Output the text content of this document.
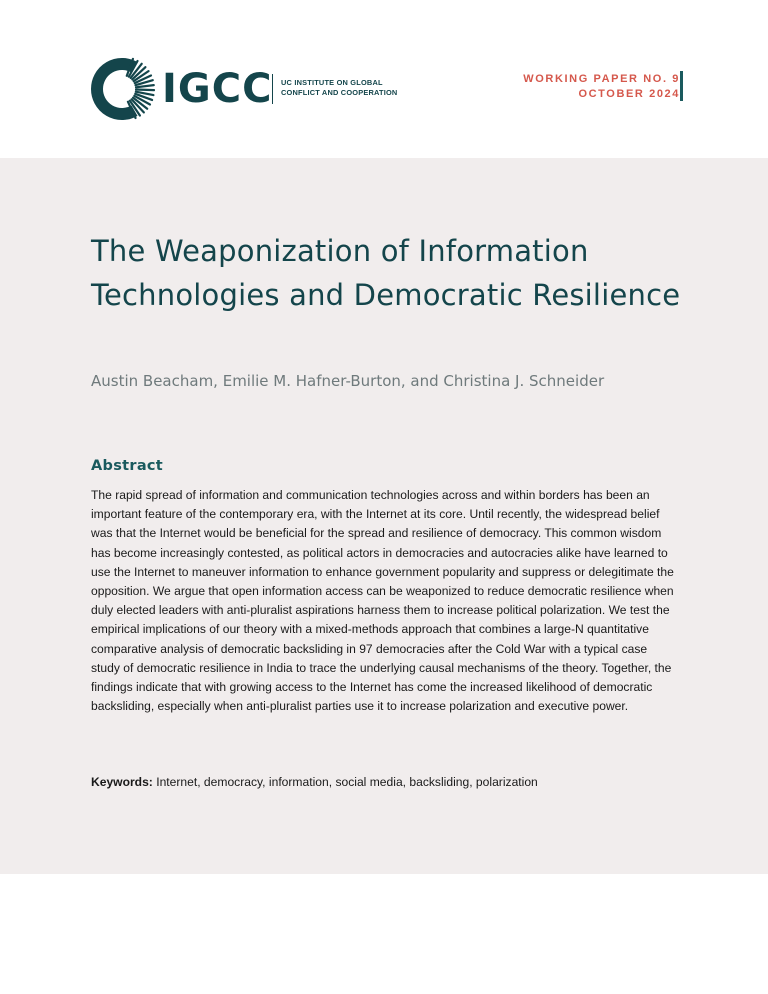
IGCC UC INSTITUTE ON GLOBAL
CONFLICT AND COOPERATION
WORKING PAPER NO. 9
OCTOBER 2024
The Weaponization of Information Technologies and Democratic Resilience

Austin Beacham, Emilie M. Hafner-Burton, and Christina J. Schneider

Abstract

The rapid spread of information and communication technologies across and within borders has been an important feature of the contemporary era, with the Internet at its core. Until recently, the widespread belief was that the Internet would be beneficial for the spread and resilience of democracy. This common wisdom has become increasingly contested, as political actors in democracies and autocracies alike have learned to use the Internet to maneuver information to enhance government popularity and suppress or delegitimate the opposition. We argue that open information access can be weaponized to reduce democratic resilience when duly elected leaders with anti-pluralist aspirations harness them to increase political polarization. We test the empirical implications of our theory with a mixed-methods approach that combines a large-N quantitative comparative analysis of democratic backsliding in 97 democracies after the Cold War with a typical case study of democratic resilience in India to trace the underlying causal mechanisms of the theory. Together, the findings indicate that with growing access to the Internet has come the increased likelihood of democratic backsliding, especially when anti-pluralist parties use it to increase polarization and executive power.

Keywords: Internet, democracy, information, social media, backsliding, polarization
